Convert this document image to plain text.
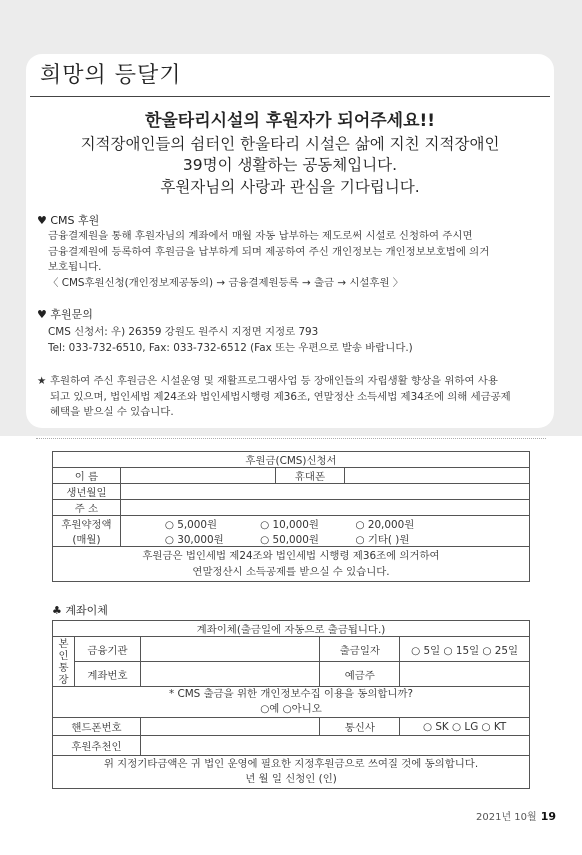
희망의 등달기
한울타리시설의 후원자가 되어주세요!!
지적장애인들의 쉼터인 한울타리 시설은 삶에 지친 지적장애인
39명이 생활하는 공동체입니다.
후원자님의 사랑과 관심을 기다립니다.
♥ CMS 후원
금융결제원을 통해 후원자님의 계좌에서 매월 자동 납부하는 제도로써 시설로 신청하여 주시면
금융결제원에 등록하여 후원금을 납부하게 되며 제공하여 주신 개인정보는 개인정보보호법에 의거
보호됩니다.
〈 CMS후원신청(개인정보제공동의) → 금융결제원등록 → 출금 → 시설후원 〉
♥ 후원문의
CMS 신청서: 우) 26359 강원도 원주시 지정면 지정로 793
Tel: 033-732-6510, Fax: 033-732-6512 (Fax 또는 우편으로 발송 바랍니다.)
★ 후원하여 주신 후원금은 시설운영 및 재활프로그램사업 등 장애인들의 자립생활 향상을 위하여 사용
되고 있으며, 법인세법 제24조와 법인세법시행령 제36조, 연말정산 소득세법 제34조에 의해 세금공제
혜택을 받으실 수 있습니다.
후원금(CMS)신청서			
이 름		휴대폰	
생년월일			
주 소			

후원약정액
(매월)	○ 5,000원 ○ 10,000원 ○ 20,000원		
	○ 30,000원 ○ 50,000원 ○ 기타( )원		

후원금은 법인세법 제24조와 법인세법 시행령 제36조에 의거하여
연말정산시 소득공제를 받으실 수 있습니다.			
♣ 계좌이체
계좌이체(출금일에 자동으로 출금됩니다.)				

본
인
통
장	금융기관		출금일자	○ 5일 ○ 15일 ○ 25일
	계좌번호		예금주	

* CMS 출금을 위한 개인정보수집 이용을 동의합니까?
○예 ○아니오				

핸드폰번호			통신사	○ SK ○ LG ○ KT
후원추천인				

위 지정기타금액은 귀 법인 운영에 필요한 지정후원금으로 쓰여질 것에 동의합니다.
년 월 일 신청인 (인)				
2021년 10월 19
